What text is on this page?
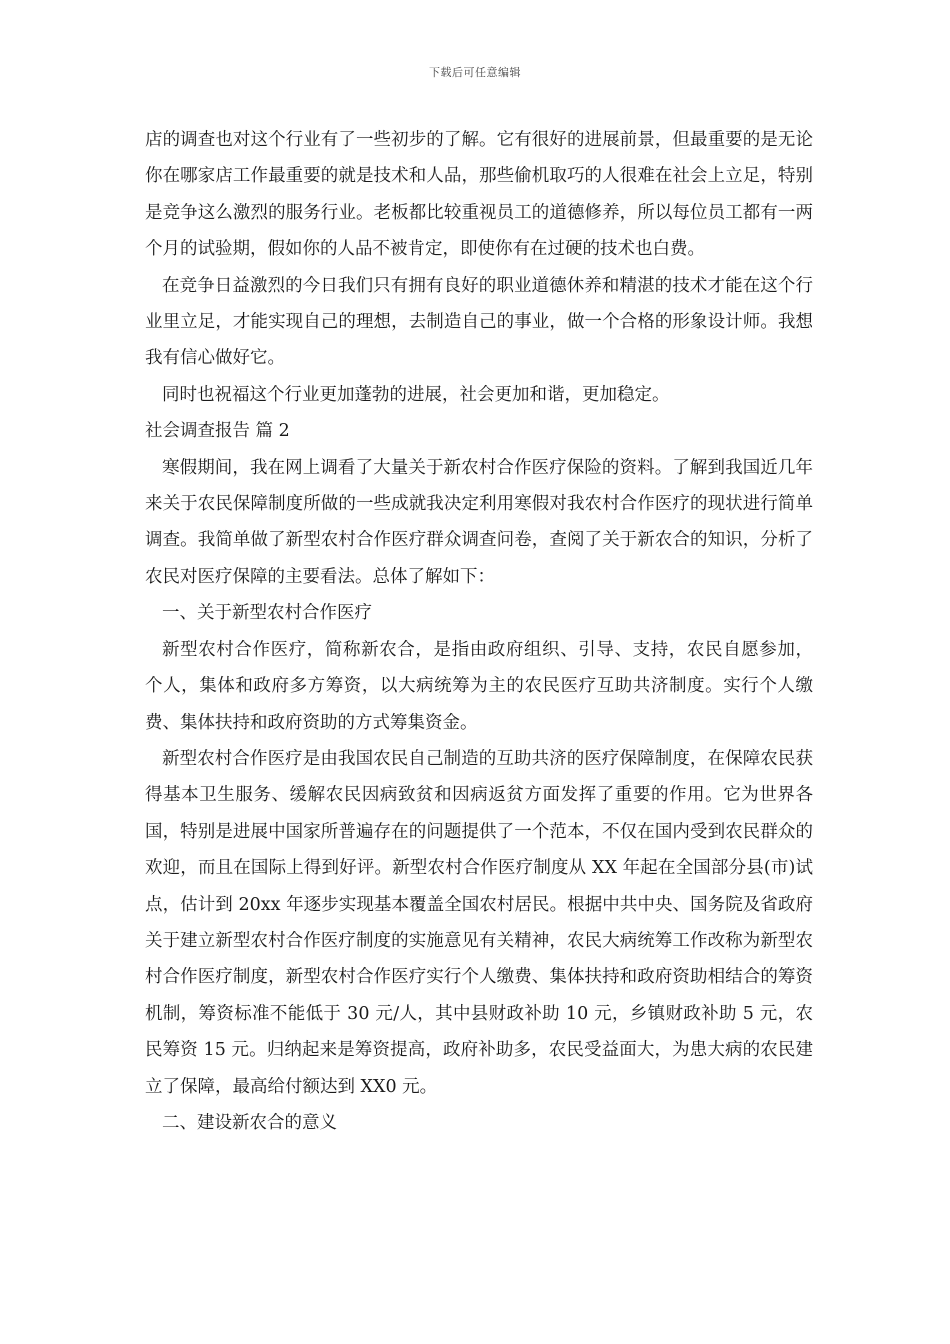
下载后可任意编辑

店的调查也对这个行业有了一些初步的了解。它有很好的进展前景，但最重要的是无论你在哪家店工作最重要的就是技术和人品，那些偷机取巧的人很难在社会上立足，特别是竞争这么激烈的服务行业。老板都比较重视员工的道德修养，所以每位员工都有一两个月的试验期，假如你的人品不被肯定，即使你有在过硬的技术也白费。

在竞争日益激烈的今日我们只有拥有良好的职业道德休养和精湛的技术才能在这个行业里立足，才能实现自己的理想，去制造自己的事业，做一个合格的形象设计师。我想我有信心做好它。

同时也祝福这个行业更加蓬勃的进展，社会更加和谐，更加稳定。

社会调查报告 篇 2

寒假期间，我在网上调看了大量关于新农村合作医疗保险的资料。了解到我国近几年来关于农民保障制度所做的一些成就我决定利用寒假对我农村合作医疗的现状进行简单调查。我简单做了新型农村合作医疗群众调查问卷，查阅了关于新农合的知识，分析了农民对医疗保障的主要看法。总体了解如下：

一、关于新型农村合作医疗

新型农村合作医疗，简称新农合，是指由政府组织、引导、支持，农民自愿参加， 个人，集体和政府多方筹资，以大病统筹为主的农民医疗互助共济制度。实行个人缴费、集体扶持和政府资助的方式筹集资金。

新型农村合作医疗是由我国农民自己制造的互助共济的医疗保障制度，在保障农民获得基本卫生服务、缓解农民因病致贫和因病返贫方面发挥了重要的作用。它为世界各国，特别是进展中国家所普遍存在的问题提供了一个范本，不仅在国内受到农民群众的欢迎，而且在国际上得到好评。新型农村合作医疗制度从 XX 年起在全国部分县(市)试点，估计到 20xx 年逐步实现基本覆盖全国农村居民。根据中共中央、国务院及省政府关于建立新型农村合作医疗制度的实施意见有关精神，农民大病统筹工作改称为新型农村合作医疗制度，新型农村合作医疗实行个人缴费、集体扶持和政府资助相结合的筹资机制，筹资标准不能低于 30 元/人，其中县财政补助 10 元，乡镇财政补助 5 元，农民筹资 15 元。归纳起来是筹资提高，政府补助多，农民受益面大，为患大病的农民建立了保障，最高给付额达到 XX0 元。

二、建设新农合的意义
